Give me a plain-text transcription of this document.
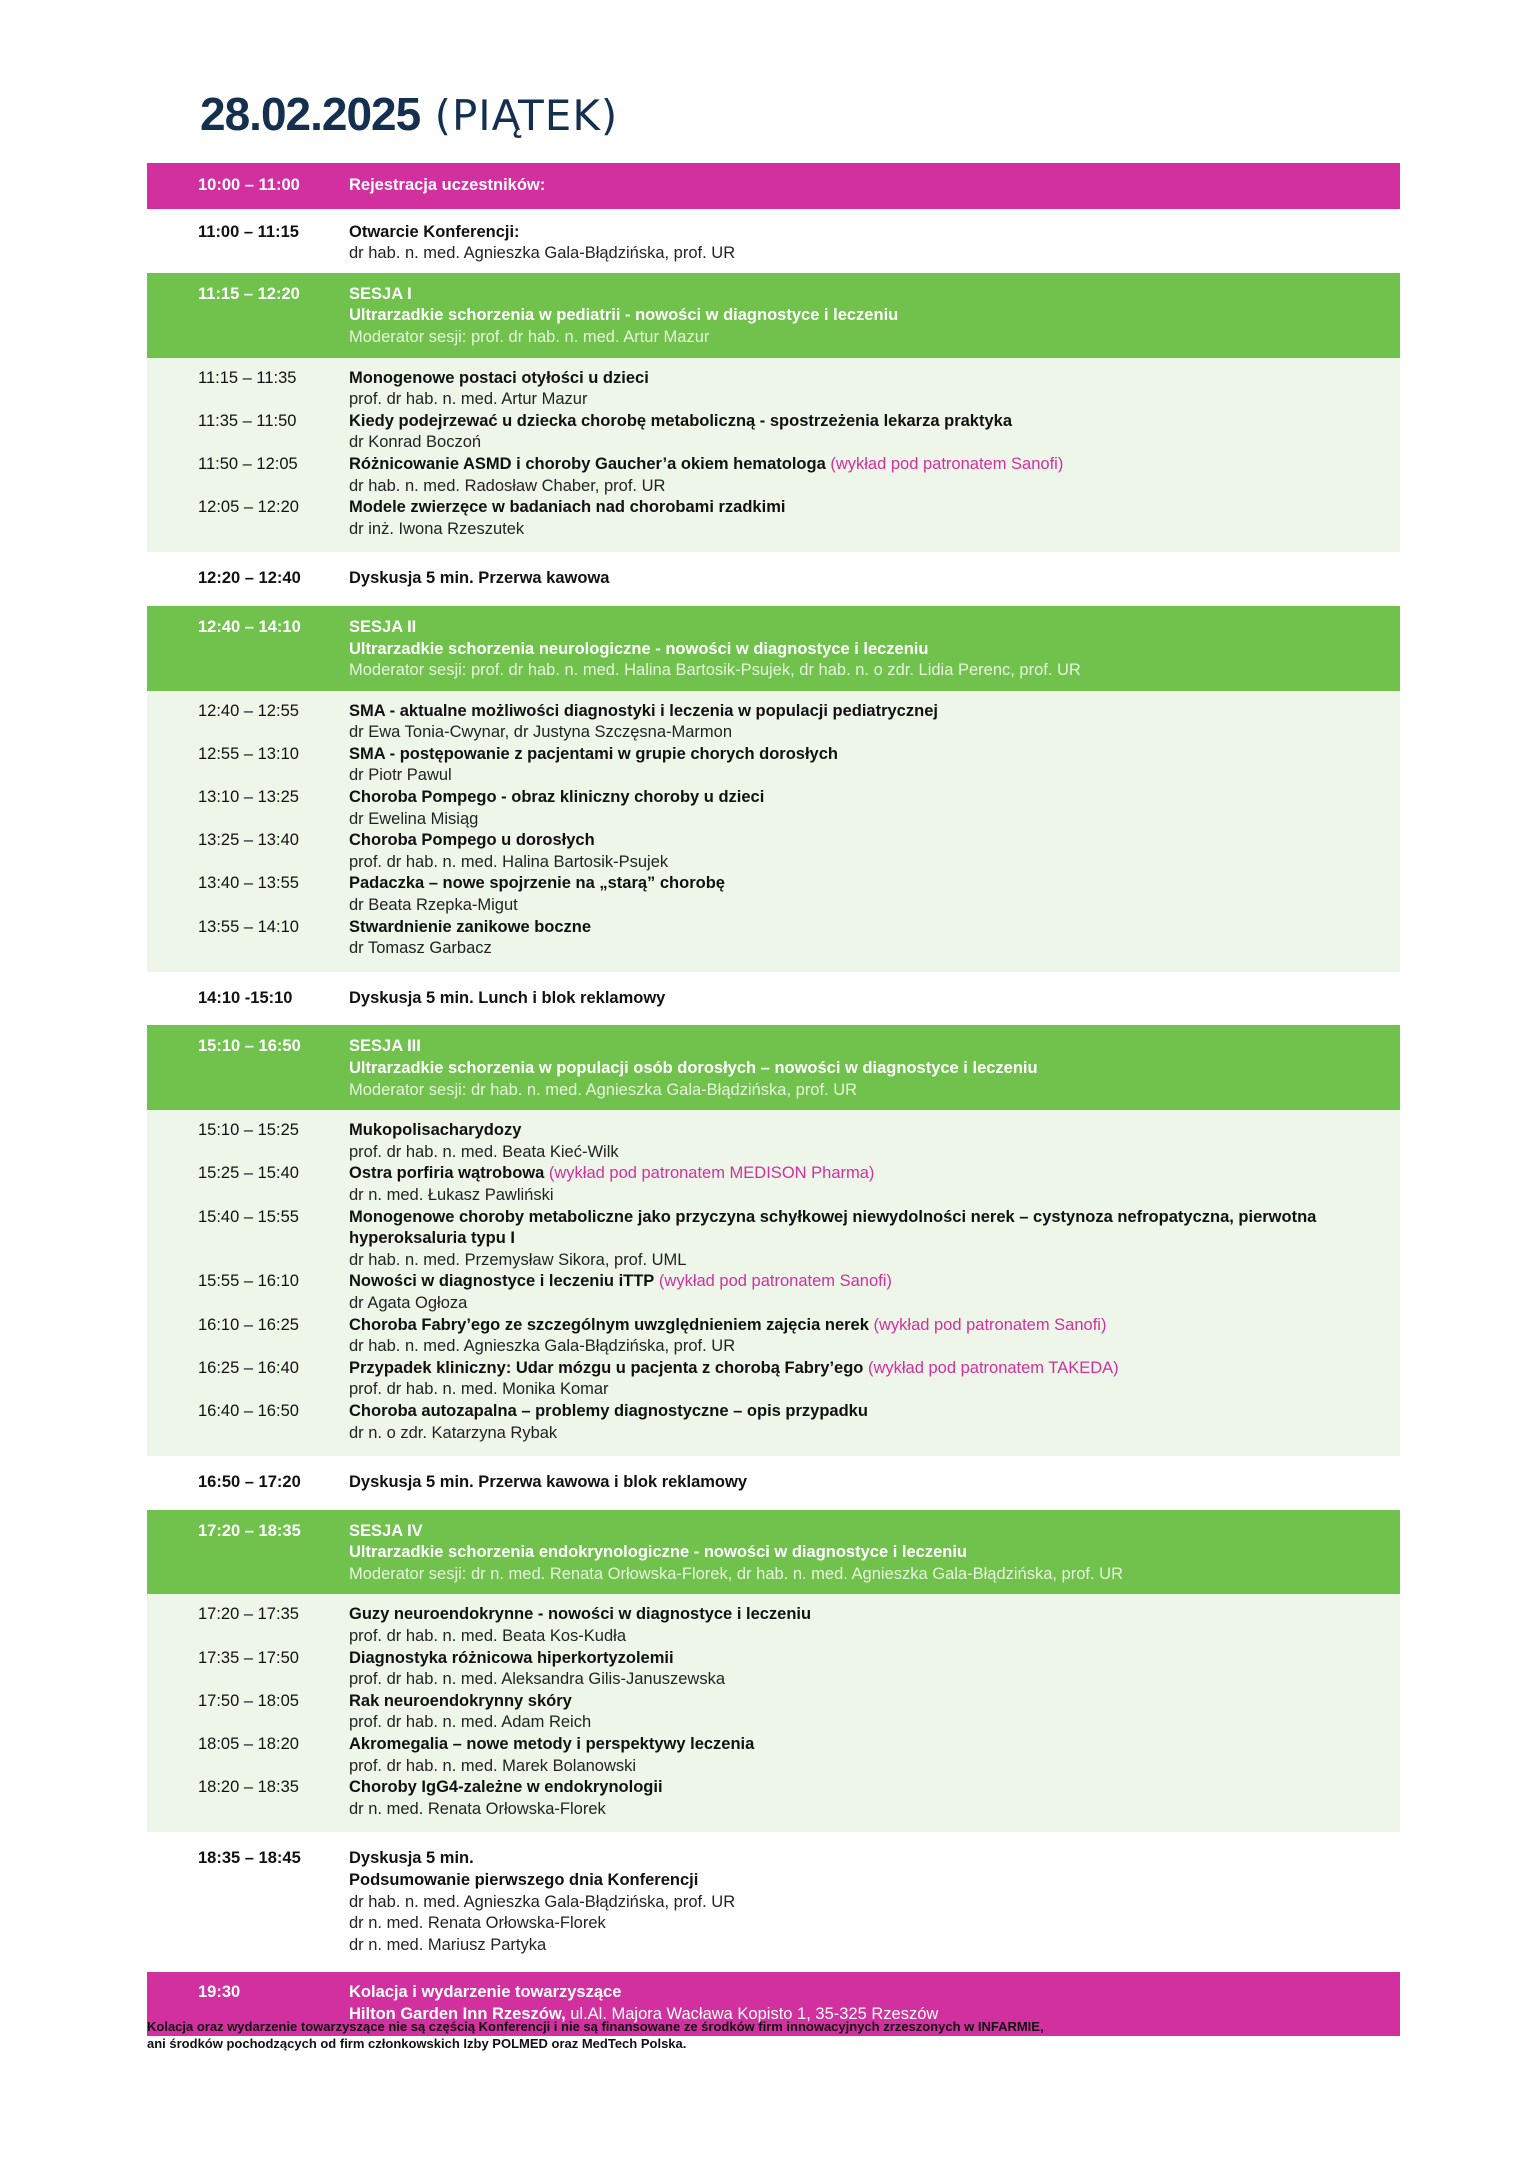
28.02.2025 (PIĄTEK)
10:00 – 11:00	Rejestracja uczestników:
11:00 – 11:15	Otwarcie Konferencji:
dr hab. n. med. Agnieszka Gala-Błądzińska, prof. UR
11:15 – 12:20	SESJA I
Ultrarzadkie schorzenia w pediatrii - nowości w diagnostyce i leczeniu
Moderator sesji: prof. dr hab. n. med. Artur Mazur
11:15 – 11:35	Monogenowe postaci otyłości u dzieci
prof. dr hab. n. med. Artur Mazur
11:35 – 11:50	Kiedy podejrzewać u dziecka chorobę metaboliczną - spostrzeżenia lekarza praktyka
dr Konrad Boczoń
11:50 – 12:05	Różnicowanie ASMD i choroby Gaucher’a okiem hematologa (wykład pod patronatem Sanofi)
dr hab. n. med. Radosław Chaber, prof. UR
12:05 – 12:20	Modele zwierzęce w badaniach nad chorobami rzadkimi
dr inż. Iwona Rzeszutek
12:20 – 12:40	Dyskusja 5 min. Przerwa kawowa
12:40 – 14:10	SESJA II
Ultrarzadkie schorzenia neurologiczne - nowości w diagnostyce i leczeniu
Moderator sesji: prof. dr hab. n. med. Halina Bartosik-Psujek, dr hab. n. o zdr. Lidia Perenc, prof. UR
12:40 – 12:55	SMA - aktualne możliwości diagnostyki i leczenia w populacji pediatrycznej
dr Ewa Tonia-Cwynar, dr Justyna Szczęsna-Marmon
12:55 – 13:10	SMA - postępowanie z pacjentami w grupie chorych dorosłych
dr Piotr Pawul
13:10 – 13:25	Choroba Pompego - obraz kliniczny choroby u dzieci
dr Ewelina Misiąg
13:25 – 13:40	Choroba Pompego u dorosłych
prof. dr hab. n. med. Halina Bartosik-Psujek
13:40 – 13:55	Padaczka – nowe spojrzenie na „starą” chorobę
dr Beata Rzepka-Migut
13:55 – 14:10	Stwardnienie zanikowe boczne
dr Tomasz Garbacz
14:10 -15:10	Dyskusja 5 min. Lunch i blok reklamowy
15:10 – 16:50	SESJA III
Ultrarzadkie schorzenia w populacji osób dorosłych – nowości w diagnostyce i leczeniu
Moderator sesji: dr hab. n. med. Agnieszka Gala-Błądzińska, prof. UR
15:10 – 15:25	Mukopolisacharydozy
prof. dr hab. n. med. Beata Kieć-Wilk
15:25 – 15:40	Ostra porfiria wątrobowa (wykład pod patronatem MEDISON Pharma)
dr n. med. Łukasz Pawliński
15:40 – 15:55	Monogenowe choroby metaboliczne jako przyczyna schyłkowej niewydolności nerek – cystynoza nefropatyczna, pierwotna hyperoksaluria typu I
dr hab. n. med. Przemysław Sikora, prof. UML
15:55 – 16:10	Nowości w diagnostyce i leczeniu iTTP (wykład pod patronatem Sanofi)
dr Agata Ogłoza
16:10 – 16:25	Choroba Fabry’ego ze szczególnym uwzględnieniem zajęcia nerek (wykład pod patronatem Sanofi)
dr hab. n. med. Agnieszka Gala-Błądzińska, prof. UR
16:25 – 16:40	Przypadek kliniczny: Udar mózgu u pacjenta z chorobą Fabry’ego (wykład pod patronatem TAKEDA)
prof. dr hab. n. med. Monika Komar
16:40 – 16:50	Choroba autozapalna – problemy diagnostyczne – opis przypadku
dr n. o zdr. Katarzyna Rybak
16:50 – 17:20	Dyskusja 5 min. Przerwa kawowa i blok reklamowy
17:20 – 18:35	SESJA IV
Ultrarzadkie schorzenia endokrynologiczne - nowości w diagnostyce i leczeniu
Moderator sesji: dr n. med. Renata Orłowska-Florek, dr hab. n. med. Agnieszka Gala-Błądzińska, prof. UR
17:20 – 17:35	Guzy neuroendokrynne - nowości w diagnostyce i leczeniu
prof. dr hab. n. med. Beata Kos-Kudła
17:35 – 17:50	Diagnostyka różnicowa hiperkortyzolemii
prof. dr hab. n. med. Aleksandra Gilis-Januszewska
17:50 – 18:05	Rak neuroendokrynny skóry
prof. dr hab. n. med. Adam Reich
18:05 – 18:20	Akromegalia – nowe metody i perspektywy leczenia
prof. dr hab. n. med. Marek Bolanowski
18:20 – 18:35	Choroby IgG4-zależne w endokrynologii
dr n. med. Renata Orłowska-Florek
18:35 – 18:45	Dyskusja 5 min.
Podsumowanie pierwszego dnia Konferencji
dr hab. n. med. Agnieszka Gala-Błądzińska, prof. UR
dr n. med. Renata Orłowska-Florek
dr n. med. Mariusz Partyka
19:30	Kolacja i wydarzenie towarzyszące
Hilton Garden Inn Rzeszów, ul.Al. Majora Wacława Kopisto 1, 35-325 Rzeszów
Kolacja oraz wydarzenie towarzyszące nie są częścią Konferencji i nie są finansowane ze środków firm innowacyjnych zrzeszonych w INFARMIE,
ani środków pochodzących od firm członkowskich Izby POLMED oraz MedTech Polska.
